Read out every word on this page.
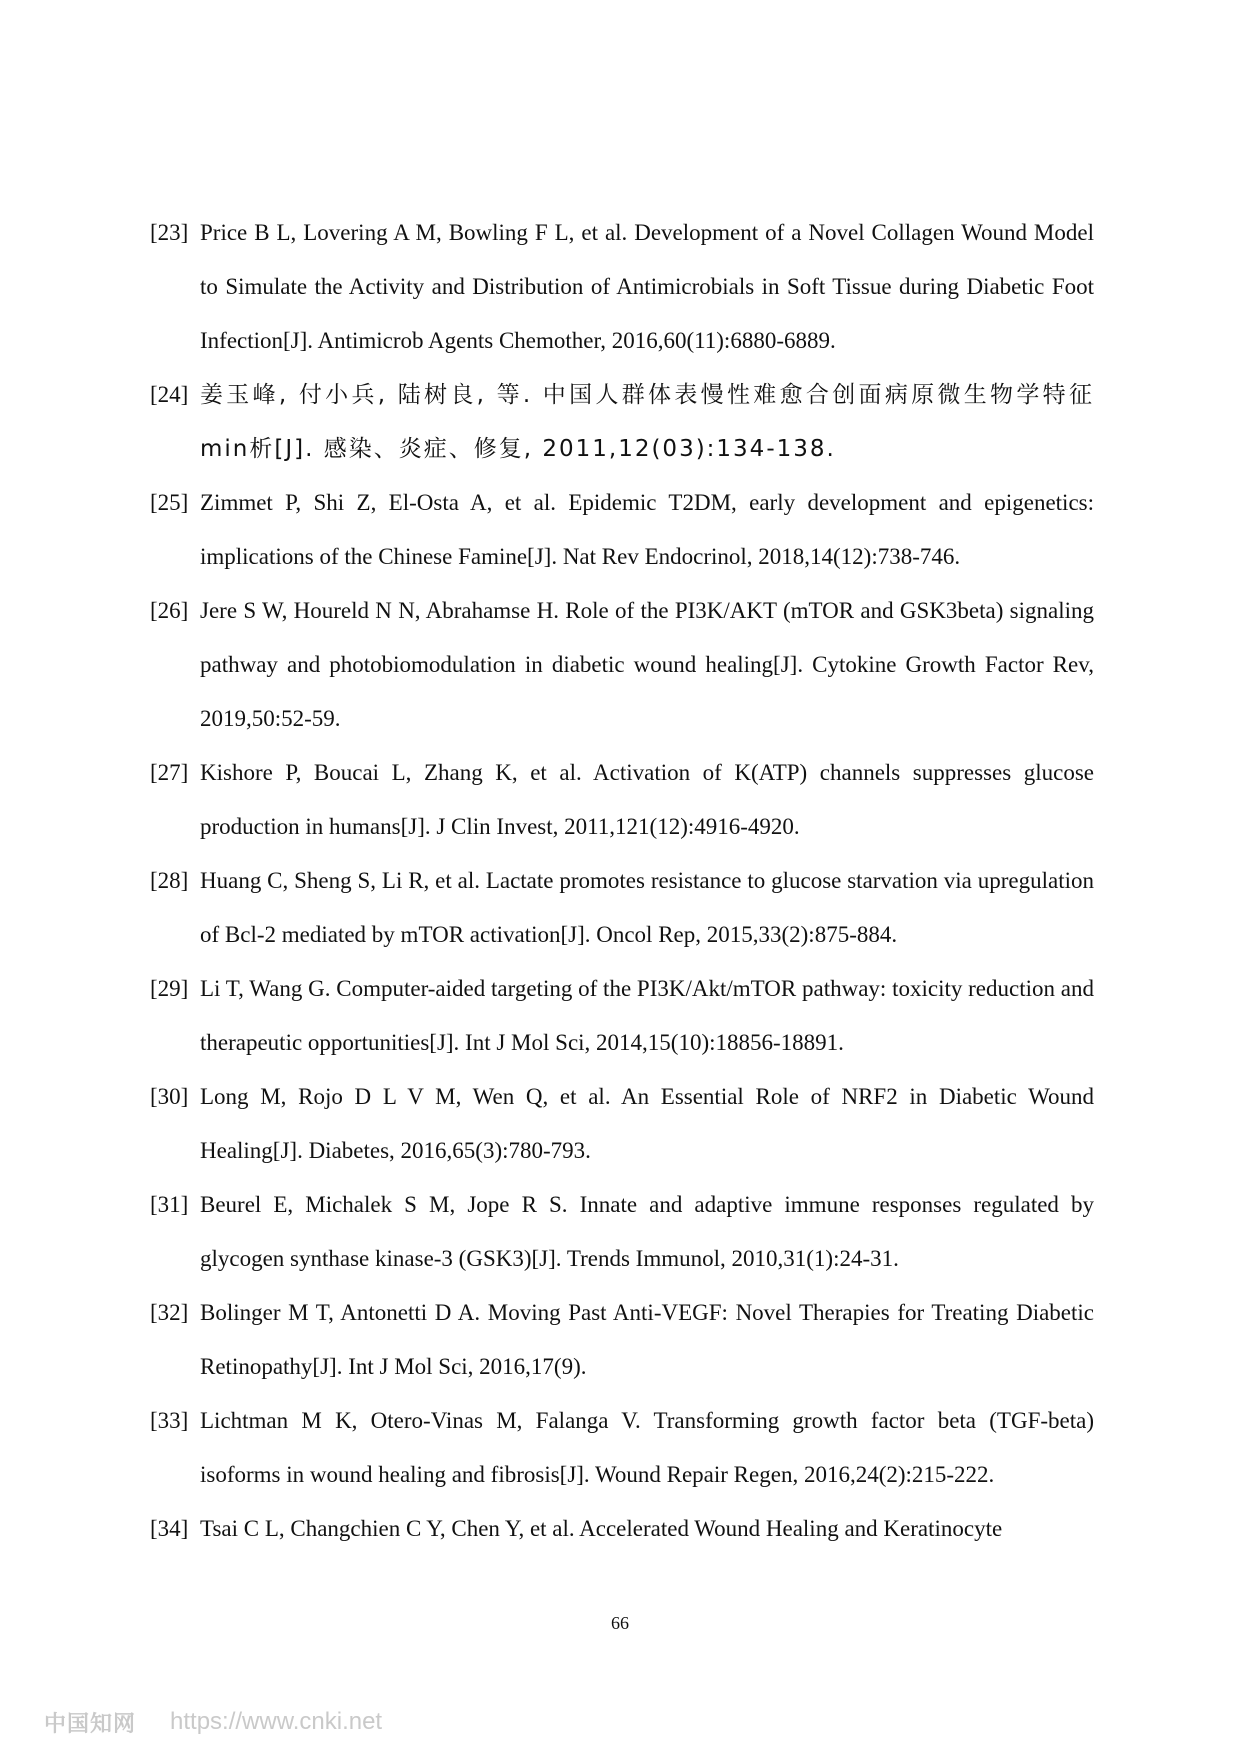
[23] Price B L, Lovering A M, Bowling F L, et al. Development of a Novel Collagen Wound Model to Simulate the Activity and Distribution of Antimicrobials in Soft Tissue during Diabetic Foot Infection[J]. Antimicrob Agents Chemother, 2016,60(11):6880-6889.
[24] 姜玉峰, 付小兵, 陆树良, 等. 中国人群体表慢性难愈合创面病原微生物学特征min析[J]. 感染、炎症、修复, 2011,12(03):134-138.
[25] Zimmet P, Shi Z, El-Osta A, et al. Epidemic T2DM, early development and epigenetics: implications of the Chinese Famine[J]. Nat Rev Endocrinol, 2018,14(12):738-746.
[26] Jere S W, Houreld N N, Abrahamse H. Role of the PI3K/AKT (mTOR and GSK3beta) signaling pathway and photobiomodulation in diabetic wound healing[J]. Cytokine Growth Factor Rev, 2019,50:52-59.
[27] Kishore P, Boucai L, Zhang K, et al. Activation of K(ATP) channels suppresses glucose production in humans[J]. J Clin Invest, 2011,121(12):4916-4920.
[28] Huang C, Sheng S, Li R, et al. Lactate promotes resistance to glucose starvation via upregulation of Bcl-2 mediated by mTOR activation[J]. Oncol Rep, 2015,33(2):875-884.
[29] Li T, Wang G. Computer-aided targeting of the PI3K/Akt/mTOR pathway: toxicity reduction and therapeutic opportunities[J]. Int J Mol Sci, 2014,15(10):18856-18891.
[30] Long M, Rojo D L V M, Wen Q, et al. An Essential Role of NRF2 in Diabetic Wound Healing[J]. Diabetes, 2016,65(3):780-793.
[31] Beurel E, Michalek S M, Jope R S. Innate and adaptive immune responses regulated by glycogen synthase kinase-3 (GSK3)[J]. Trends Immunol, 2010,31(1):24-31.
[32] Bolinger M T, Antonetti D A. Moving Past Anti-VEGF: Novel Therapies for Treating Diabetic Retinopathy[J]. Int J Mol Sci, 2016,17(9).
[33] Lichtman M K, Otero-Vinas M, Falanga V. Transforming growth factor beta (TGF-beta) isoforms in wound healing and fibrosis[J]. Wound Repair Regen, 2016,24(2):215-222.
[34] Tsai C L, Changchien C Y, Chen Y, et al. Accelerated Wound Healing and Keratinocyte
66
中国知网 https://www.cnki.net
